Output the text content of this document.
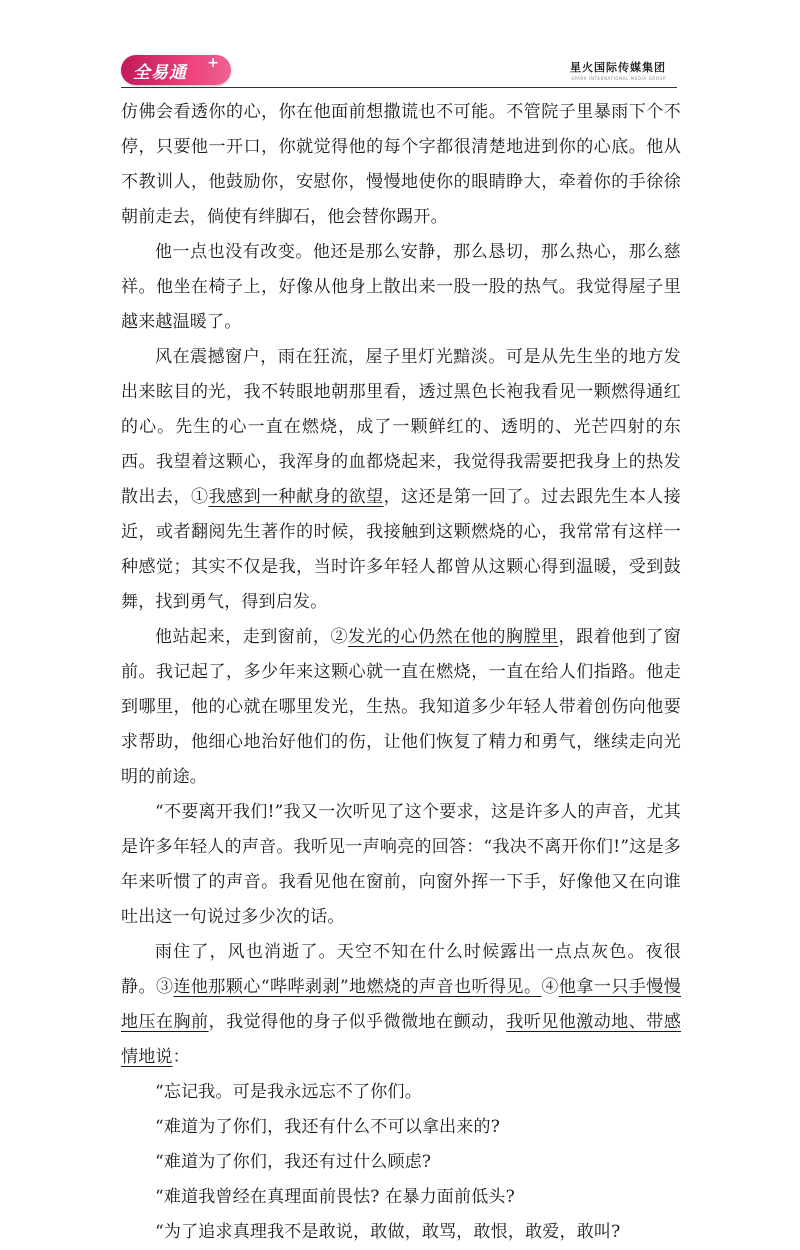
全易通 +	星火国际传媒集团
SPARK INTERNATIONAL MEDIA GROUP

仿佛会看透你的心，你在他面前想撒谎也不可能。不管院子里暴雨下个不停，只要他一开口，你就觉得他的每个字都很清楚地进到你的心底。他从不教训人，他鼓励你，安慰你，慢慢地使你的眼睛睁大，牵着你的手徐徐朝前走去，倘使有绊脚石，他会替你踢开。

他一点也没有改变。他还是那么安静，那么恳切，那么热心，那么慈祥。他坐在椅子上，好像从他身上散出来一股一股的热气。我觉得屋子里越来越温暖了。

风在震撼窗户，雨在狂流，屋子里灯光黯淡。可是从先生坐的地方发出来眩目的光，我不转眼地朝那里看，透过黑色长袍我看见一颗燃得通红的心。先生的心一直在燃烧，成了一颗鲜红的、透明的、光芒四射的东西。我望着这颗心，我浑身的血都烧起来，我觉得我需要把我身上的热发散出去，①我感到一种献身的欲望，这还是第一回了。过去跟先生本人接近，或者翻阅先生著作的时候，我接触到这颗燃烧的心，我常常有这样一种感觉；其实不仅是我，当时许多年轻人都曾从这颗心得到温暖，受到鼓舞，找到勇气，得到启发。

他站起来，走到窗前，②发光的心仍然在他的胸膛里，跟着他到了窗前。我记起了，多少年来这颗心就一直在燃烧，一直在给人们指路。他走到哪里，他的心就在哪里发光，生热。我知道多少年轻人带着创伤向他要求帮助，他细心地治好他们的伤，让他们恢复了精力和勇气，继续走向光明的前途。

“不要离开我们!”我又一次听见了这个要求，这是许多人的声音，尤其是许多年轻人的声音。我听见一声响亮的回答：“我决不离开你们!”这是多年来听惯了的声音。我看见他在窗前，向窗外挥一下手，好像他又在向谁吐出这一句说过多少次的话。

雨住了，风也消逝了。天空不知在什么时候露出一点点灰色。夜很静。③连他那颗心“哔哔剥剥”地燃烧的声音也听得见。④他拿一只手慢慢地压在胸前，我觉得他的身子似乎微微地在颤动，我听见他激动地、带感情地说：

“忘记我。可是我永远忘不了你们。

“难道为了你们，我还有什么不可以拿出来的?

“难道为了你们，我还有过什么顾虑?

“难道我曾经在真理面前畏怯? 在暴力面前低头?

“为了追求真理我不是敢说，敢做，敢骂，敢恨，敢爱，敢叫?
